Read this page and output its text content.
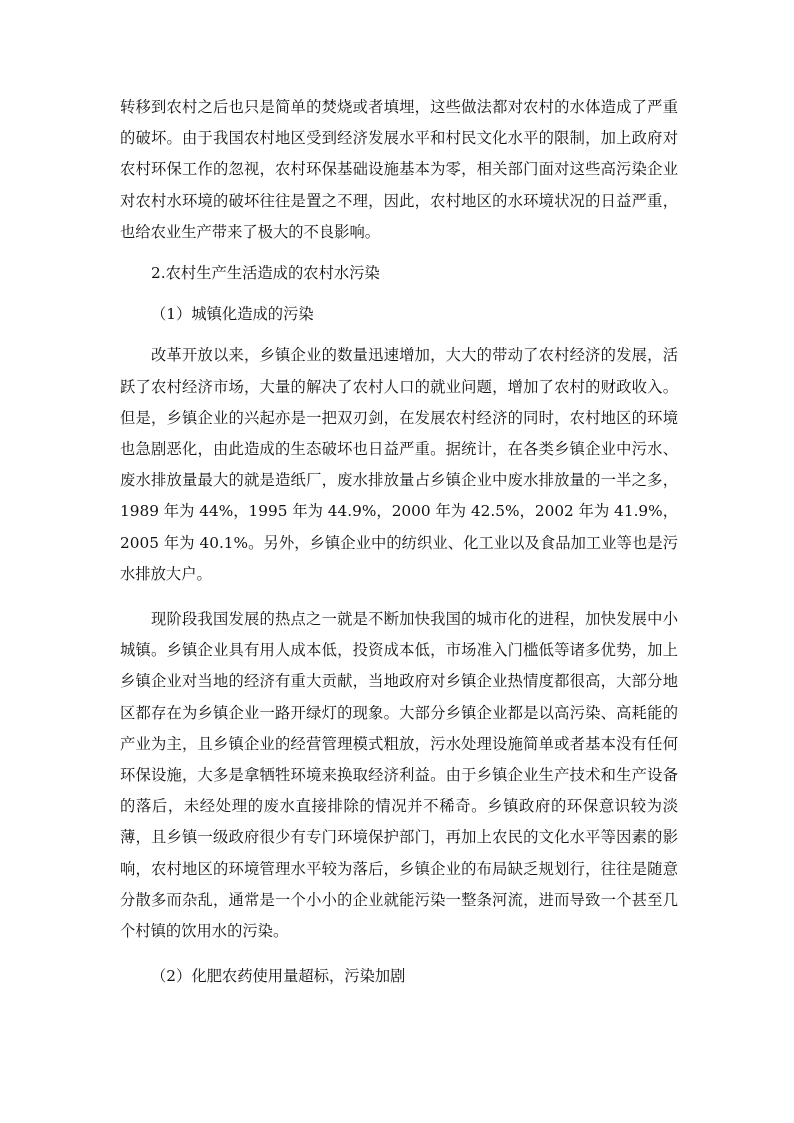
转移到农村之后也只是简单的焚烧或者填埋，这些做法都对农村的水体造成了严重的破坏。由于我国农村地区受到经济发展水平和村民文化水平的限制，加上政府对农村环保工作的忽视，农村环保基础设施基本为零，相关部门面对这些高污染企业对农村水环境的破坏往往是置之不理，因此，农村地区的水环境状况的日益严重，也给农业生产带来了极大的不良影响。

2.农村生产生活造成的农村水污染

（1）城镇化造成的污染

改革开放以来，乡镇企业的数量迅速增加，大大的带动了农村经济的发展，活跃了农村经济市场，大量的解决了农村人口的就业问题，增加了农村的财政收入。但是，乡镇企业的兴起亦是一把双刃剑，在发展农村经济的同时，农村地区的环境也急剧恶化，由此造成的生态破坏也日益严重。据统计，在各类乡镇企业中污水、废水排放量最大的就是造纸厂，废水排放量占乡镇企业中废水排放量的一半之多，1989 年为 44%，1995 年为 44.9%，2000 年为 42.5%，2002 年为 41.9%，2005 年为 40.1%。另外，乡镇企业中的纺织业、化工业以及食品加工业等也是污水排放大户。

现阶段我国发展的热点之一就是不断加快我国的城市化的进程，加快发展中小城镇。乡镇企业具有用人成本低，投资成本低，市场准入门槛低等诸多优势，加上乡镇企业对当地的经济有重大贡献，当地政府对乡镇企业热情度都很高，大部分地区都存在为乡镇企业一路开绿灯的现象。大部分乡镇企业都是以高污染、高耗能的产业为主，且乡镇企业的经营管理模式粗放，污水处理设施简单或者基本没有任何环保设施，大多是拿牺牲环境来换取经济利益。由于乡镇企业生产技术和生产设备的落后，未经处理的废水直接排除的情况并不稀奇。乡镇政府的环保意识较为淡薄，且乡镇一级政府很少有专门环境保护部门，再加上农民的文化水平等因素的影响，农村地区的环境管理水平较为落后，乡镇企业的布局缺乏规划行，往往是随意分散多而杂乱，通常是一个小小的企业就能污染一整条河流，进而导致一个甚至几个村镇的饮用水的污染。

（2）化肥农药使用量超标，污染加剧
